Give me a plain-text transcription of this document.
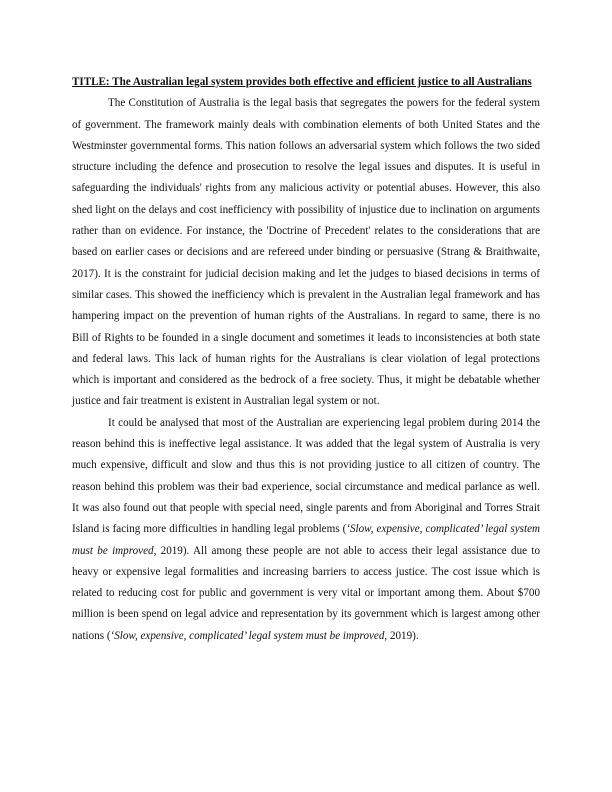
TITLE: The Australian legal system provides both effective and efficient justice to all Australians

The Constitution of Australia is the legal basis that segregates the powers for the federal system of government. The framework mainly deals with combination elements of both United States and the Westminster governmental forms. This nation follows an adversarial system which follows the two sided structure including the defence and prosecution to resolve the legal issues and disputes. It is useful in safeguarding the individuals' rights from any malicious activity or potential abuses. However, this also shed light on the delays and cost inefficiency with possibility of injustice due to inclination on arguments rather than on evidence. For instance, the 'Doctrine of Precedent' relates to the considerations that are based on earlier cases or decisions and are refereed under binding or persuasive (Strang & Braithwaite, 2017). It is the constraint for judicial decision making and let the judges to biased decisions in terms of similar cases. This showed the inefficiency which is prevalent in the Australian legal framework and has hampering impact on the prevention of human rights of the Australians. In regard to same, there is no Bill of Rights to be founded in a single document and sometimes it leads to inconsistencies at both state and federal laws. This lack of human rights for the Australians is clear violation of legal protections which is important and considered as the bedrock of a free society. Thus, it might be debatable whether justice and fair treatment is existent in Australian legal system or not.

It could be analysed that most of the Australian are experiencing legal problem during 2014 the reason behind this is ineffective legal assistance. It was added that the legal system of Australia is very much expensive, difficult and slow and thus this is not providing justice to all citizen of country. The reason behind this problem was their bad experience, social circumstance and medical parlance as well. It was also found out that people with special need, single parents and from Aboriginal and Torres Strait Island is facing more difficulties in handling legal problems (‘Slow, expensive, complicated’ legal system must be improved, 2019). All among these people are not able to access their legal assistance due to heavy or expensive legal formalities and increasing barriers to access justice. The cost issue which is related to reducing cost for public and government is very vital or important among them. About $700 million is been spend on legal advice and representation by its government which is largest among other nations (‘Slow, expensive, complicated’ legal system must be improved, 2019).
